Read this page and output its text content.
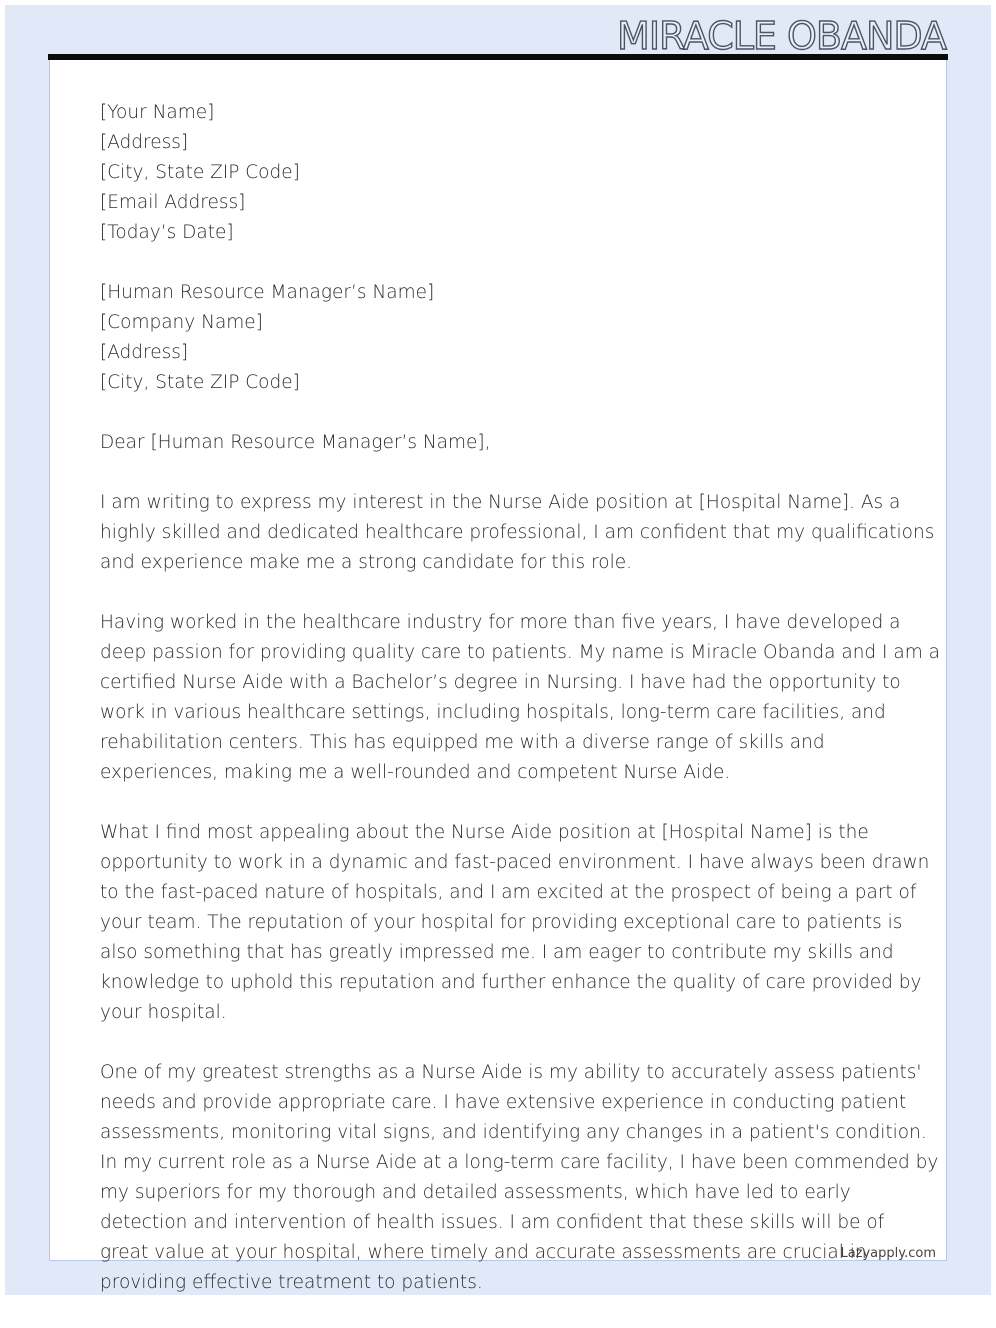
MIRACLE OBANDA
[Your Name]
[Address]
[City, State ZIP Code]
[Email Address]
[Today’s Date]
[Human Resource Manager’s Name]
[Company Name]
[Address]
[City, State ZIP Code]
Dear [Human Resource Manager’s Name],

I am writing to express my interest in the Nurse Aide position at [Hospital Name]. As a
highly skilled and dedicated healthcare professional, I am confident that my qualifications
and experience make me a strong candidate for this role.

Having worked in the healthcare industry for more than five years, I have developed a
deep passion for providing quality care to patients. My name is Miracle Obanda and I am a
certified Nurse Aide with a Bachelor’s degree in Nursing. I have had the opportunity to
work in various healthcare settings, including hospitals, long-term care facilities, and
rehabilitation centers. This has equipped me with a diverse range of skills and
experiences, making me a well-rounded and competent Nurse Aide.

What I find most appealing about the Nurse Aide position at [Hospital Name] is the
opportunity to work in a dynamic and fast-paced environment. I have always been drawn
to the fast-paced nature of hospitals, and I am excited at the prospect of being a part of
your team. The reputation of your hospital for providing exceptional care to patients is
also something that has greatly impressed me. I am eager to contribute my skills and
knowledge to uphold this reputation and further enhance the quality of care provided by
your hospital.

One of my greatest strengths as a Nurse Aide is my ability to accurately assess patients'
needs and provide appropriate care. I have extensive experience in conducting patient
assessments, monitoring vital signs, and identifying any changes in a patient's condition.
In my current role as a Nurse Aide at a long-term care facility, I have been commended by
my superiors for my thorough and detailed assessments, which have led to early
detection and intervention of health issues. I am confident that these skills will be of
great value at your hospital, where timely and accurate assessments are crucial in
providing effective treatment to patients.

Lazyapply.com
